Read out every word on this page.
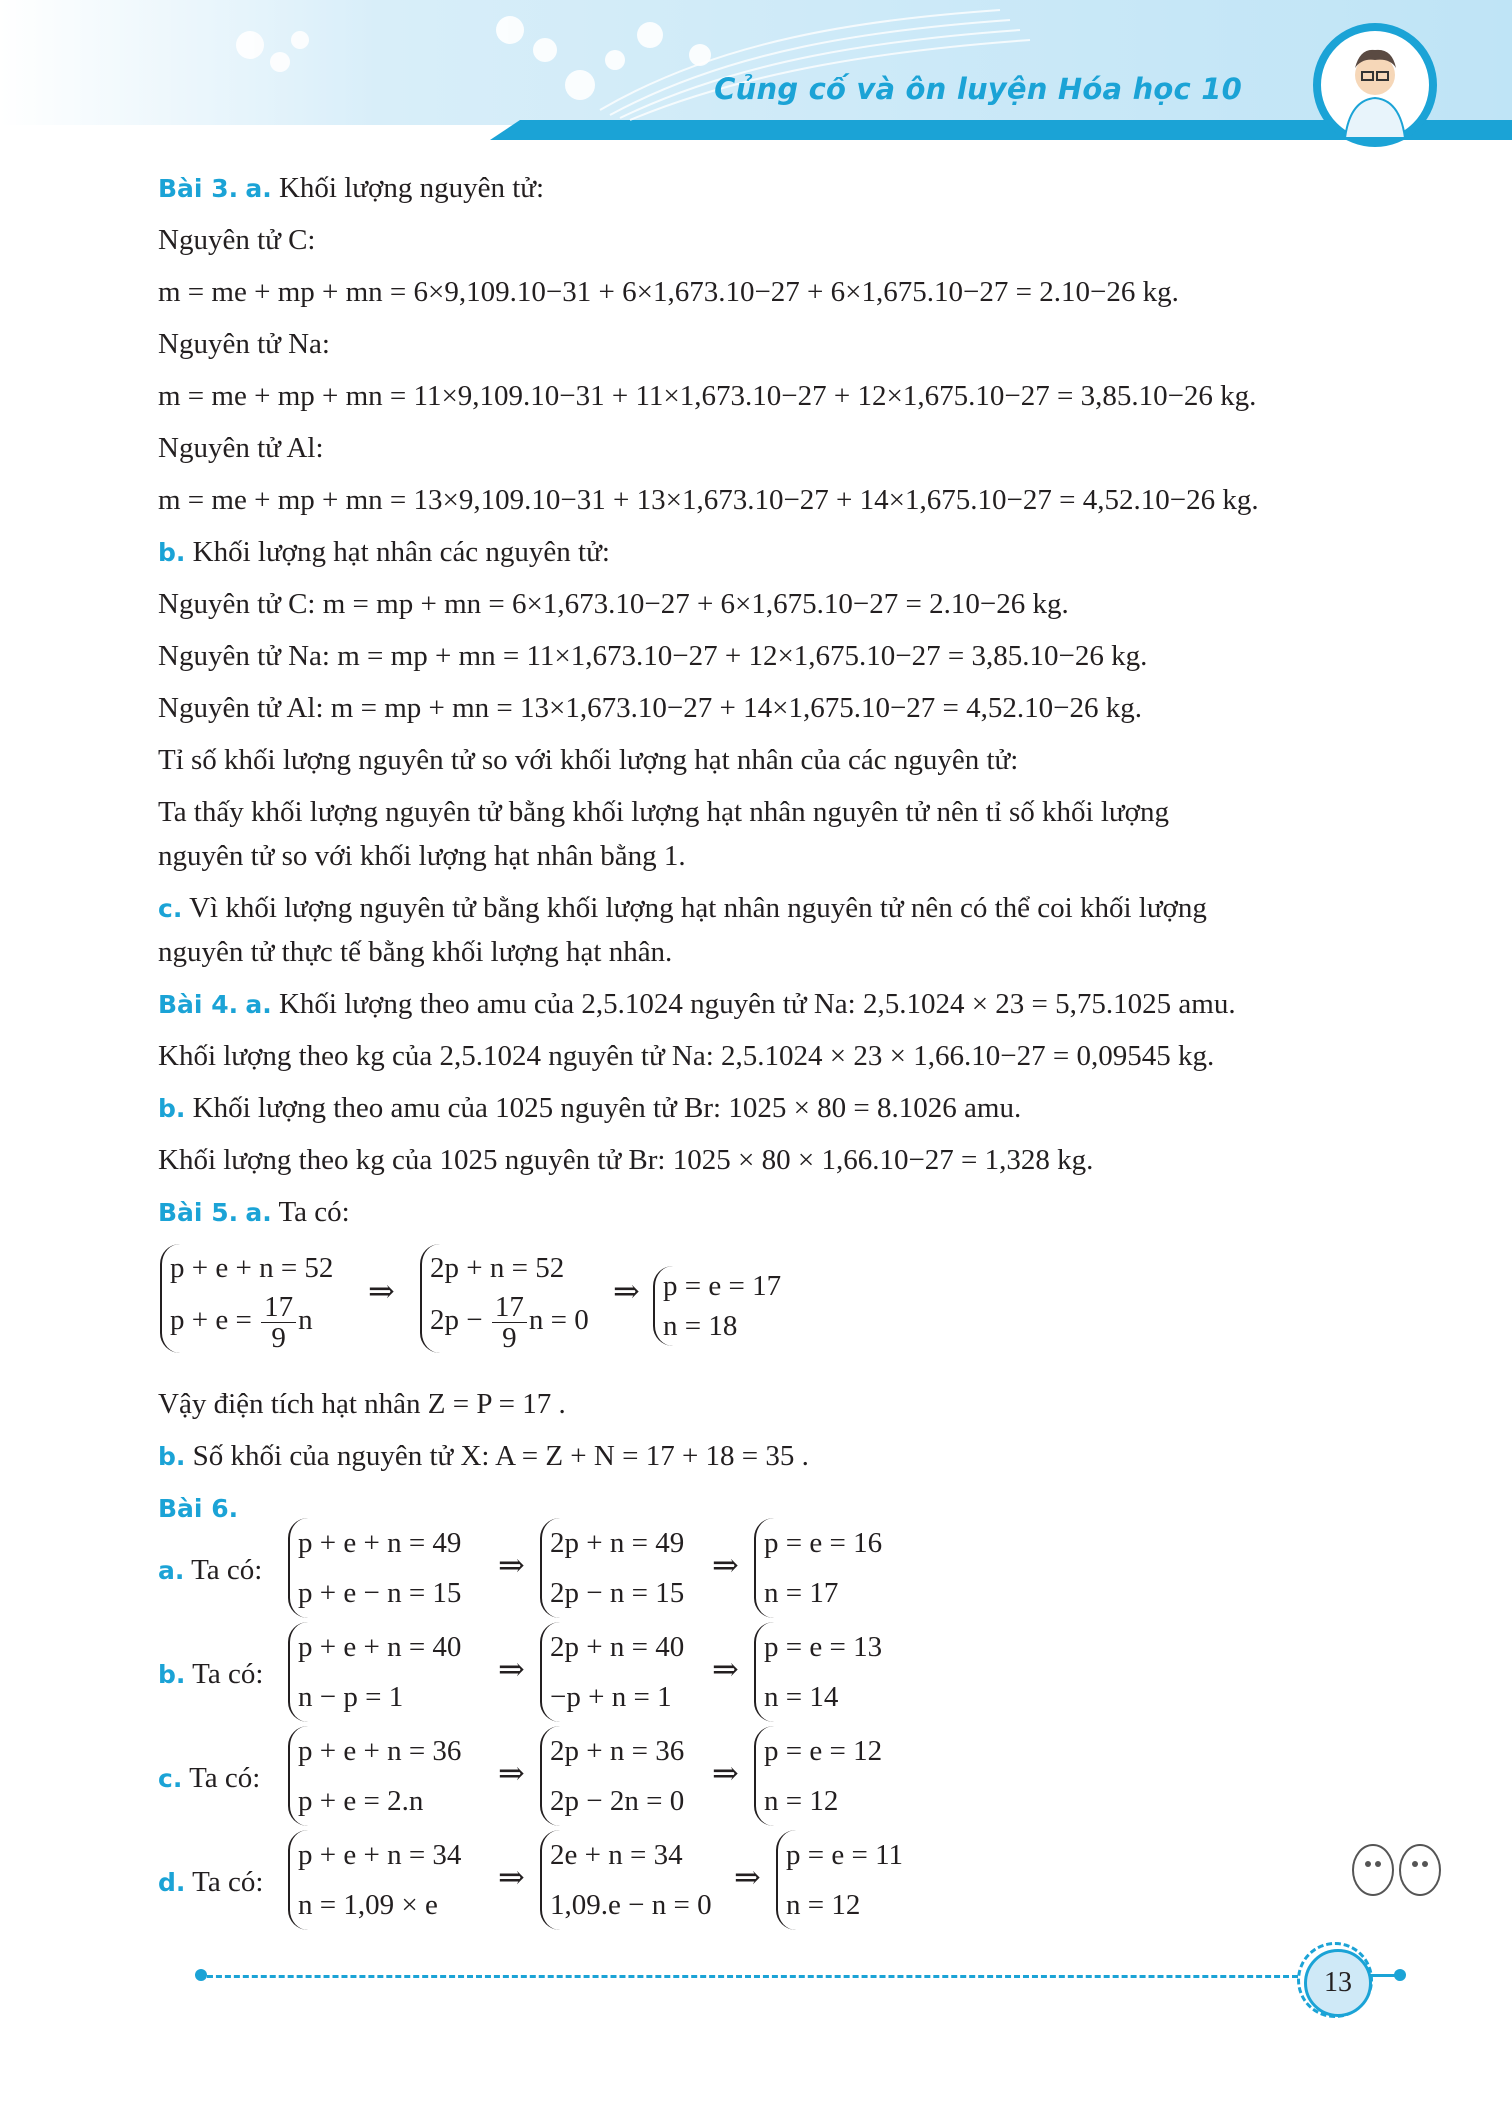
Củng cố và ôn luyện Hóa học 10
Bài 3. a. Khối lượng nguyên tử:
Nguyên tử C:
m = me + mp + mn = 6×9,109.10−31 + 6×1,673.10−27 + 6×1,675.10−27 = 2.10−26 kg.
Nguyên tử Na:
m = me + mp + mn = 11×9,109.10−31 + 11×1,673.10−27 + 12×1,675.10−27 = 3,85.10−26 kg.
Nguyên tử Al:
m = me + mp + mn = 13×9,109.10−31 + 13×1,673.10−27 + 14×1,675.10−27 = 4,52.10−26 kg.
b. Khối lượng hạt nhân các nguyên tử:
Nguyên tử C: m = mp + mn = 6×1,673.10−27 + 6×1,675.10−27 = 2.10−26 kg.
Nguyên tử Na: m = mp + mn = 11×1,673.10−27 + 12×1,675.10−27 = 3,85.10−26 kg.
Nguyên tử Al: m = mp + mn = 13×1,673.10−27 + 14×1,675.10−27 = 4,52.10−26 kg.
Tỉ số khối lượng nguyên tử so với khối lượng hạt nhân của các nguyên tử:
Ta thấy khối lượng nguyên tử bằng khối lượng hạt nhân nguyên tử nên tỉ số khối lượng
nguyên tử so với khối lượng hạt nhân bằng 1.
c. Vì khối lượng nguyên tử bằng khối lượng hạt nhân nguyên tử nên có thể coi khối lượng
nguyên tử thực tế bằng khối lượng hạt nhân.
Bài 4. a. Khối lượng theo amu của 2,5.1024 nguyên tử Na: 2,5.1024 × 23 = 5,75.1025 amu.
Khối lượng theo kg của 2,5.1024 nguyên tử Na: 2,5.1024 × 23 × 1,66.10−27 = 0,09545 kg.
b. Khối lượng theo amu của 1025 nguyên tử Br: 1025 × 80 = 8.1026 amu.
Khối lượng theo kg của 1025 nguyên tử Br: 1025 × 80 × 1,66.10−27 = 1,328 kg.
Bài 5. a. Ta có:
p + e + n = 52
$p + e = \frac{17}{9}$ n
⇒
2p + n = 52
$2p - \frac{17}{9}$ n = 0
⇒ p = e = 17
n = 18
Vậy điện tích hạt nhân Z = P = 17 .
b. Số khối của nguyên tử X: A = Z + N = 17 + 18 = 35 .
Bài 6.
a. Ta có:
p + e + n = 49
p + e − n = 15
⇒
2p + n = 49
2p − n = 15
⇒
p = e = 16
n = 17
b. Ta có:
p + e + n = 40
n − p = 1
⇒
2p + n = 40
−p + n = 1
⇒
p = e = 13
n = 14
c. Ta có:
p + e + n = 36
p + e = 2.n
⇒
2p + n = 36
2p − 2n = 0
⇒
p = e = 12
n = 12
d. Ta có:
p + e + n = 34
n = 1,09 × e
⇒
2e + n = 34
1,09.e − n = 0
⇒
p = e = 11
n = 12
13
